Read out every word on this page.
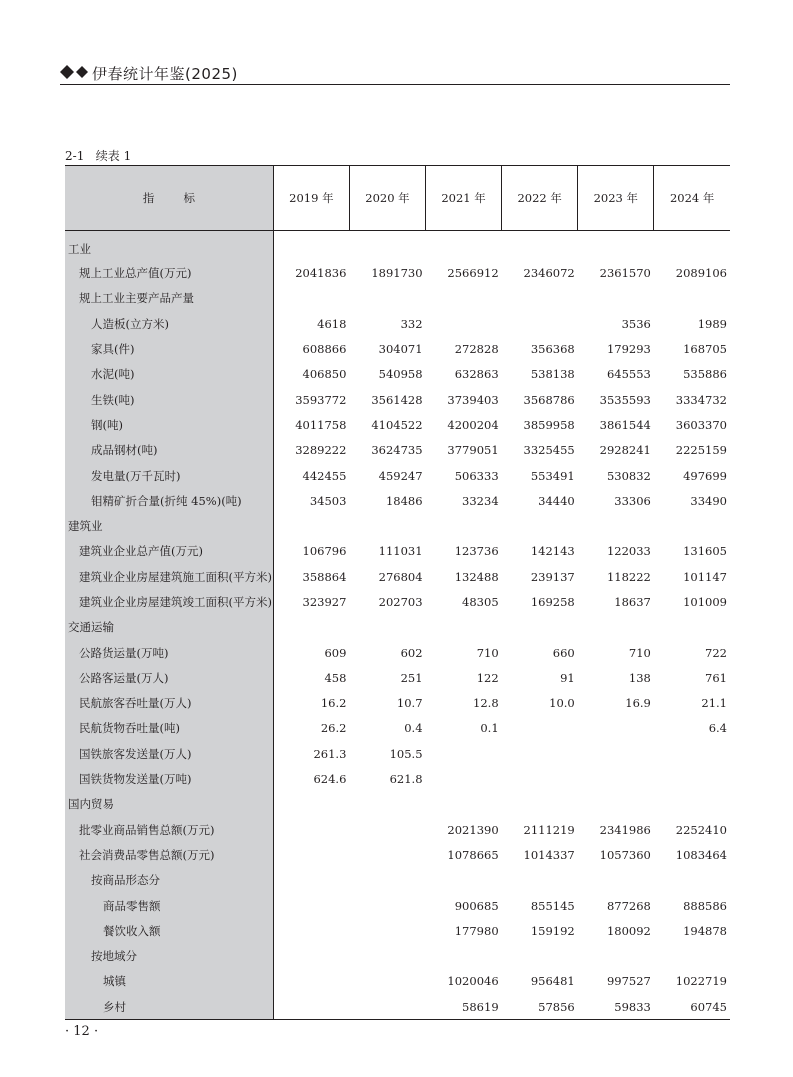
伊春统计年鉴(2025)
2-1   续表 1
指        标	2019 年	2020 年	2021 年	2022 年	2023 年	2024 年
工业						
规上工业总产值(万元)	2041836	1891730	2566912	2346072	2361570	2089106
规上工业主要产品产量						
人造板(立方米)	4618	332			3536	1989
家具(件)	608866	304071	272828	356368	179293	168705
水泥(吨)	406850	540958	632863	538138	645553	535886
生铁(吨)	3593772	3561428	3739403	3568786	3535593	3334732
钢(吨)	4011758	4104522	4200204	3859958	3861544	3603370
成品钢材(吨)	3289222	3624735	3779051	3325455	2928241	2225159
发电量(万千瓦时)	442455	459247	506333	553491	530832	497699
钼精矿折合量(折纯 45%)(吨)	34503	18486	33234	34440	33306	33490
建筑业						
建筑业企业总产值(万元)	106796	111031	123736	142143	122033	131605
建筑业企业房屋建筑施工面积(平方米)	358864	276804	132488	239137	118222	101147
建筑业企业房屋建筑竣工面积(平方米)	323927	202703	48305	169258	18637	101009
交通运输						
公路货运量(万吨)	609	602	710	660	710	722
公路客运量(万人)	458	251	122	91	138	761
民航旅客吞吐量(万人)	16.2	10.7	12.8	10.0	16.9	21.1
民航货物吞吐量(吨)	26.2	0.4	0.1			6.4
国铁旅客发送量(万人)	261.3	105.5				
国铁货物发送量(万吨)	624.6	621.8				
国内贸易						
批零业商品销售总额(万元)			2021390	2111219	2341986	2252410
社会消费品零售总额(万元)			1078665	1014337	1057360	1083464
按商品形态分						
商品零售额			900685	855145	877268	888586
餐饮收入额			177980	159192	180092	194878
按地域分						
城镇			1020046	956481	997527	1022719
乡村			58619	57856	59833	60745
· 12 ·
